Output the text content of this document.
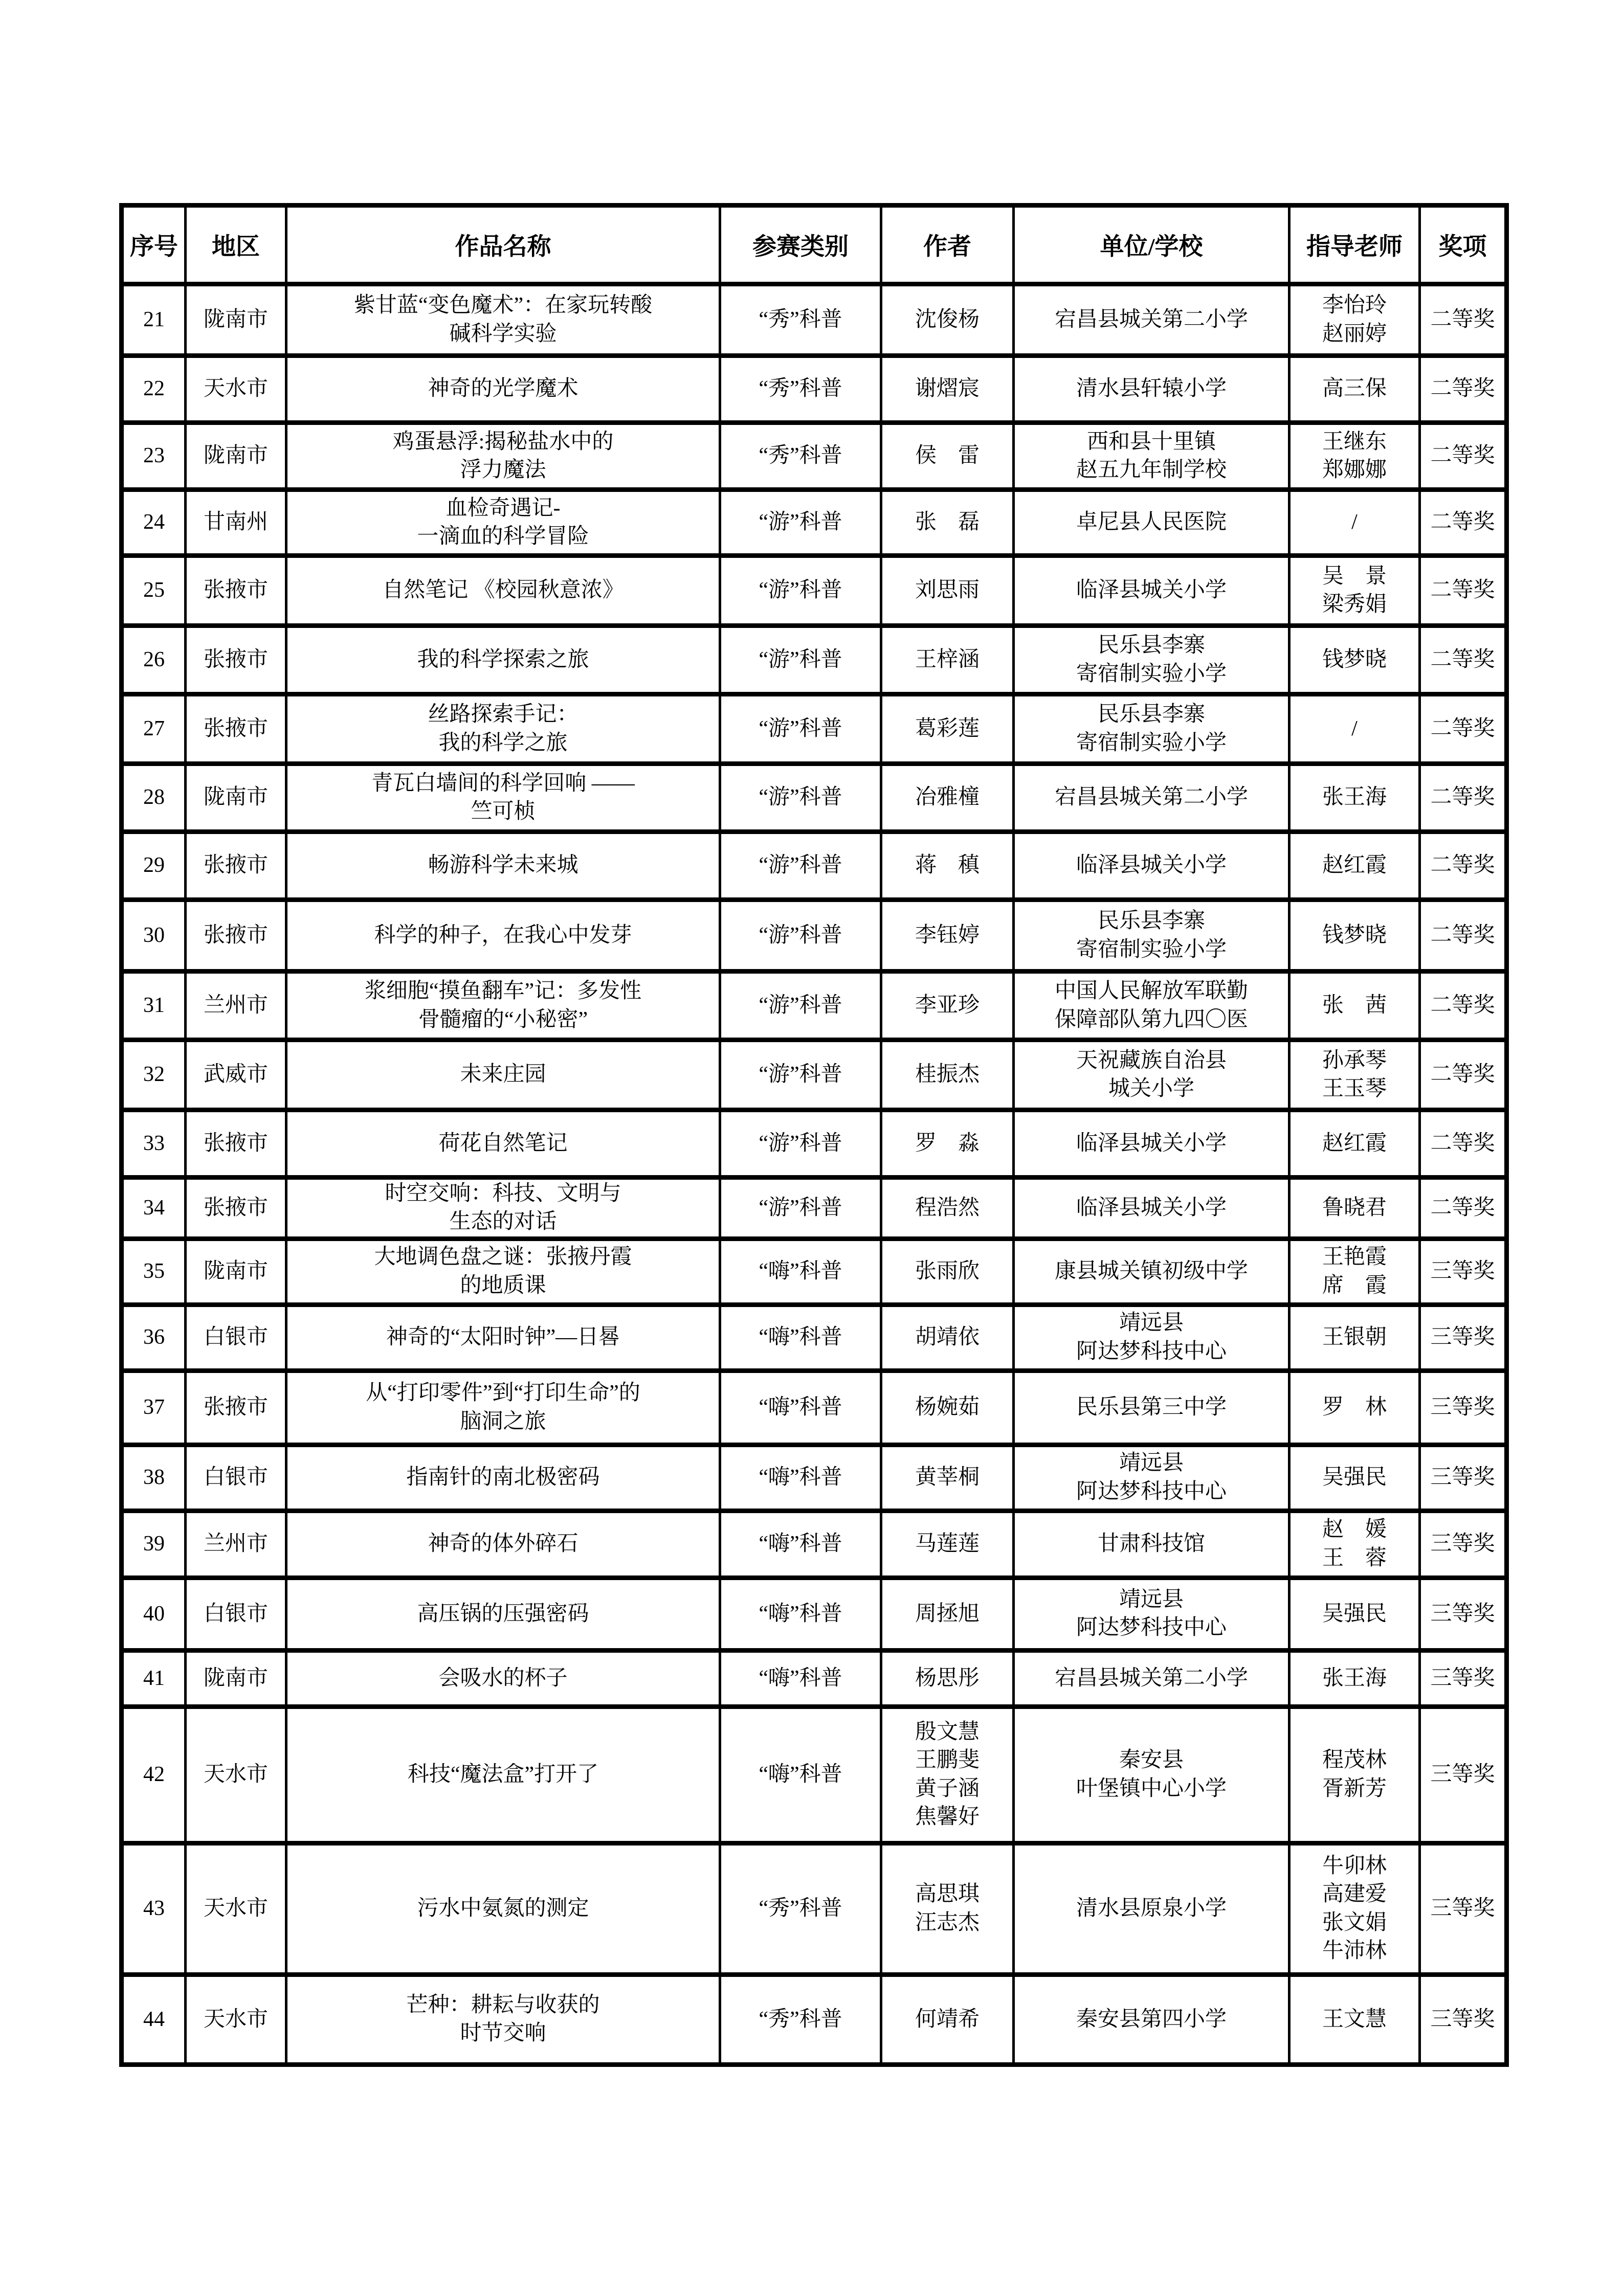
序号	地区	作品名称	参赛类别	作者	单位/学校	指导老师	奖项
21	陇南市	紫甘蓝“变色魔术”：在家玩转酸
碱科学实验	“秀”科普	沈俊杨	宕昌县城关第二小学	李怡玲
赵丽婷	二等奖
22	天水市	神奇的光学魔术	“秀”科普	谢熠宸	清水县轩辕小学	高三保	二等奖
23	陇南市	鸡蛋悬浮:揭秘盐水中的
浮力魔法	“秀”科普	侯　雷	西和县十里镇
赵五九年制学校	王继东
郑娜娜	二等奖
24	甘南州	血检奇遇记-
一滴血的科学冒险	“游”科普	张　磊	卓尼县人民医院	/	二等奖
25	张掖市	自然笔记 《校园秋意浓》	“游”科普	刘思雨	临泽县城关小学	吴　景
梁秀娟	二等奖
26	张掖市	我的科学探索之旅	“游”科普	王梓涵	民乐县李寨
寄宿制实验小学	钱梦晓	二等奖
27	张掖市	丝路探索手记：
我的科学之旅	“游”科普	葛彩莲	民乐县李寨
寄宿制实验小学	/	二等奖
28	陇南市	青瓦白墙间的科学回响 ——
竺可桢	“游”科普	冶雅橦	宕昌县城关第二小学	张王海	二等奖
29	张掖市	畅游科学未来城	“游”科普	蒋　稹	临泽县城关小学	赵红霞	二等奖
30	张掖市	科学的种子，在我心中发芽	“游”科普	李钰婷	民乐县李寨
寄宿制实验小学	钱梦晓	二等奖
31	兰州市	浆细胞“摸鱼翻车”记：多发性
骨髓瘤的“小秘密”	“游”科普	李亚珍	中国人民解放军联勤
保障部队第九四〇医	张　茜	二等奖
32	武威市	未来庄园	“游”科普	桂振杰	天祝藏族自治县
城关小学	孙承琴
王玉琴	二等奖
33	张掖市	荷花自然笔记	“游”科普	罗　淼	临泽县城关小学	赵红霞	二等奖
34	张掖市	时空交响：科技、文明与
生态的对话	“游”科普	程浩然	临泽县城关小学	鲁晓君	二等奖
35	陇南市	大地调色盘之谜：张掖丹霞
的地质课	“嗨”科普	张雨欣	康县城关镇初级中学	王艳霞
席　霞	三等奖
36	白银市	神奇的“太阳时钟”—日晷	“嗨”科普	胡靖依	靖远县
阿达梦科技中心	王银朝	三等奖
37	张掖市	从“打印零件”到“打印生命”的
脑洞之旅	“嗨”科普	杨婉茹	民乐县第三中学	罗　林	三等奖
38	白银市	指南针的南北极密码	“嗨”科普	黄莘桐	靖远县
阿达梦科技中心	吴强民	三等奖
39	兰州市	神奇的体外碎石	“嗨”科普	马莲莲	甘肃科技馆	赵　媛
王　蓉	三等奖
40	白银市	高压锅的压强密码	“嗨”科普	周拯旭	靖远县
阿达梦科技中心	吴强民	三等奖
41	陇南市	会吸水的杯子	“嗨”科普	杨思彤	宕昌县城关第二小学	张王海	三等奖
42	天水市	科技“魔法盒”打开了	“嗨”科普	殷文慧
王鹏斐
黄子涵
焦馨好	秦安县
叶堡镇中心小学	程茂林
胥新芳	三等奖
43	天水市	污水中氨氮的测定	“秀”科普	高思琪
汪志杰	清水县原泉小学	牛卯林
高建爱
张文娟
牛沛林	三等奖
44	天水市	芒种：耕耘与收获的
时节交响	“秀”科普	何靖希	秦安县第四小学	王文慧	三等奖
